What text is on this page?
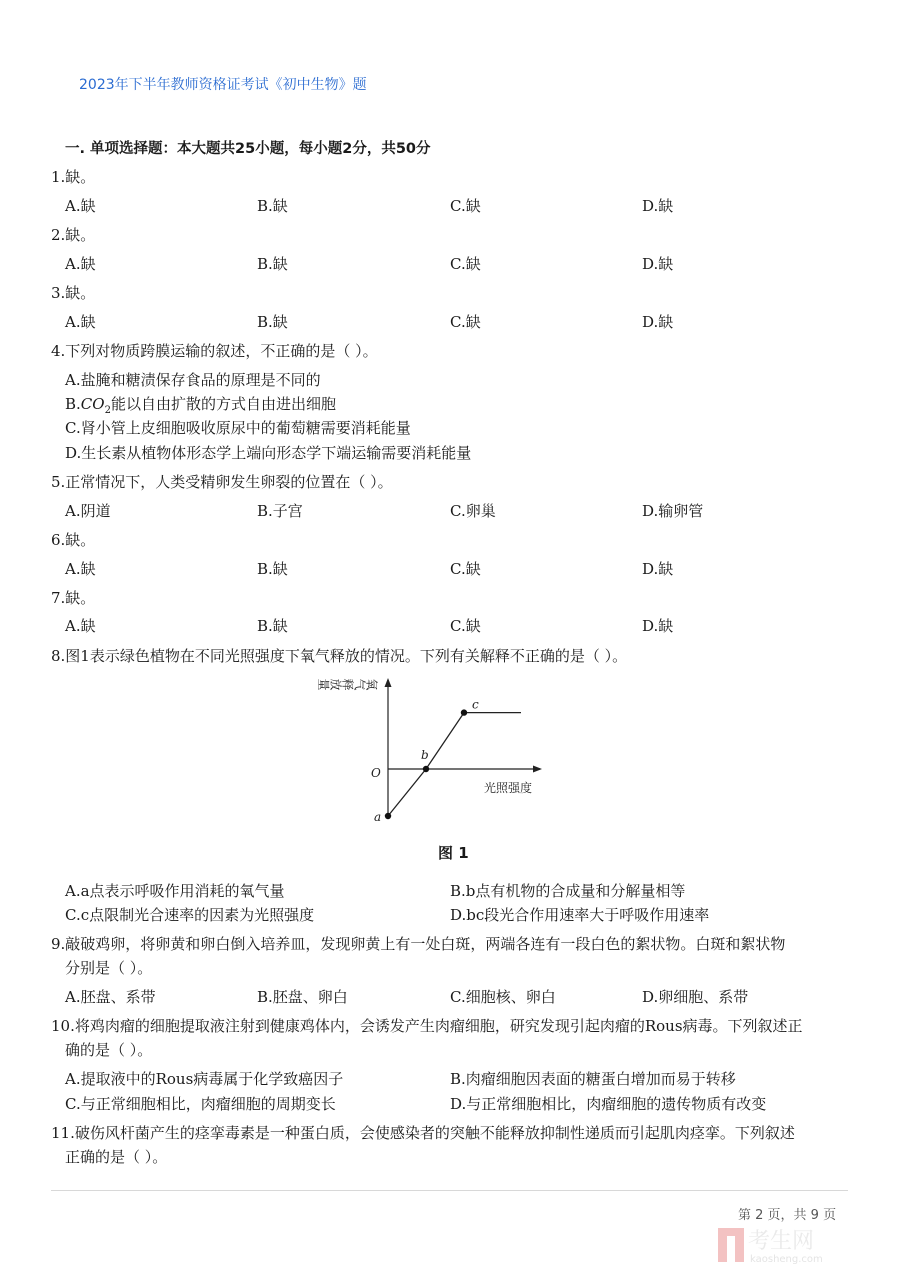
2023年下半年教师资格证考试《初中生物》题
一. 单项选择题：本大题共25小题，每小题2分，共50分
1.缺。
A.缺	B.缺	C.缺	D.缺
2.缺。
A.缺	B.缺	C.缺	D.缺
3.缺。
A.缺	B.缺	C.缺	D.缺
4.下列对物质跨膜运输的叙述，不正确的是（ ）。
A.盐腌和糖渍保存食品的原理是不同的
$B.CO_2$能以自由扩散的方式自由进出细胞
C.肾小管上皮细胞吸收原尿中的葡萄糖需要消耗能量
D.生长素从植物体形态学上端向形态学下端运输需要消耗能量
5.正常情况下，人类受精卵发生卵裂的位置在（ ）。
A.阴道	B.子宫	C.卵巢	D.输卵管
6.缺。
A.缺	B.缺	C.缺	D.缺
7.缺。
A.缺	B.缺	C.缺	D.缺
8.图1表示绿色植物在不同光照强度下氧气释放的情况。下列有关解释不正确的是（ ）。
氧气释放量
O
光照强度
a
b
c
图 1
A.a点表示呼吸作用消耗的氧气量	B.b点有机物的合成量和分解量相等
C.c点限制光合速率的因素为光照强度	D.bc段光合作用速率大于呼吸作用速率
9.敲破鸡卵，将卵黄和卵白倒入培养皿，发现卵黄上有一处白斑，两端各连有一段白色的絮状物。白斑和絮状物
分别是（ ）。
A.胚盘、系带	B.胚盘、卵白	C.细胞核、卵白	D.卵细胞、系带
10.将鸡肉瘤的细胞提取液注射到健康鸡体内，会诱发产生肉瘤细胞，研究发现引起肉瘤的Rous病毒。下列叙述正
确的是（ ）。
A.提取液中的Rous病毒属于化学致癌因子	B.肉瘤细胞因表面的糖蛋白增加而易于转移
C.与正常细胞相比，肉瘤细胞的周期变长	D.与正常细胞相比，肉瘤细胞的遗传物质有改变
11.破伤风杆菌产生的痉挛毒素是一种蛋白质，会使感染者的突触不能释放抑制性递质而引起肌肉痉挛。下列叙述
正确的是（ ）。
第 2 页，共 9 页
考生网
kaosheng.com
